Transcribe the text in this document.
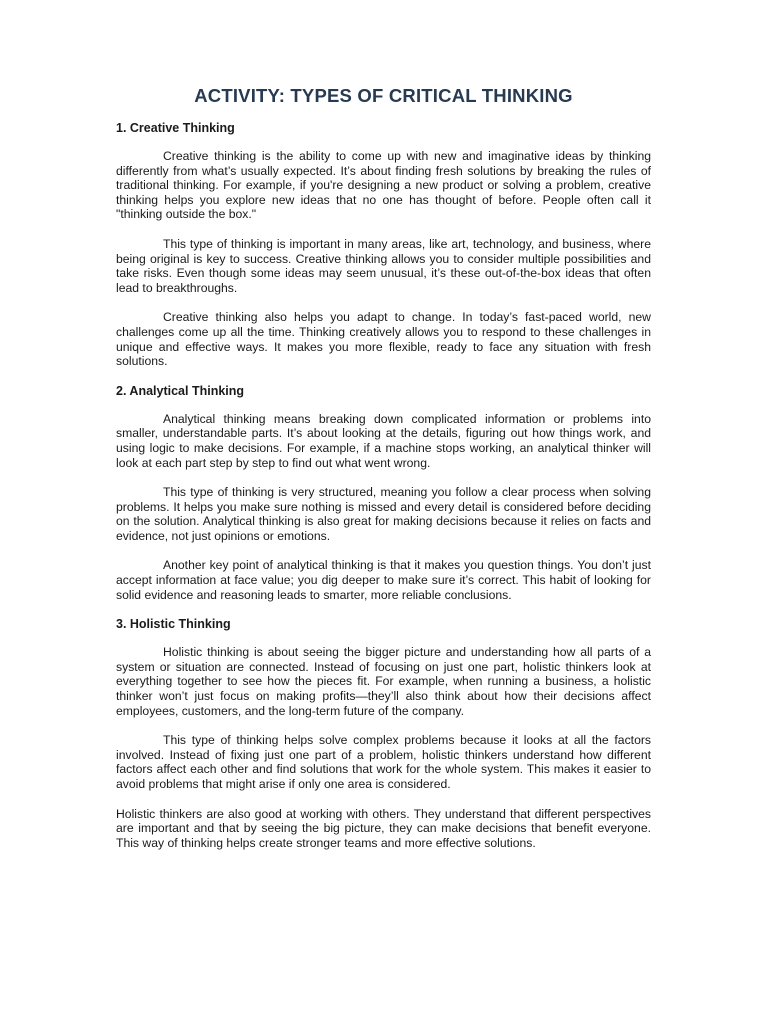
ACTIVITY: TYPES OF CRITICAL THINKING
1. Creative Thinking

Creative thinking is the ability to come up with new and imaginative ideas by thinking differently from what’s usually expected. It’s about finding fresh solutions by breaking the rules of traditional thinking. For example, if you're designing a new product or solving a problem, creative thinking helps you explore new ideas that no one has thought of before. People often call it "thinking outside the box."

This type of thinking is important in many areas, like art, technology, and business, where being original is key to success. Creative thinking allows you to consider multiple possibilities and take risks. Even though some ideas may seem unusual, it’s these out-of-the-box ideas that often lead to breakthroughs.

Creative thinking also helps you adapt to change. In today’s fast-paced world, new challenges come up all the time. Thinking creatively allows you to respond to these challenges in unique and effective ways. It makes you more flexible, ready to face any situation with fresh solutions.

2. Analytical Thinking

Analytical thinking means breaking down complicated information or problems into smaller, understandable parts. It’s about looking at the details, figuring out how things work, and using logic to make decisions. For example, if a machine stops working, an analytical thinker will look at each part step by step to find out what went wrong.

This type of thinking is very structured, meaning you follow a clear process when solving problems. It helps you make sure nothing is missed and every detail is considered before deciding on the solution. Analytical thinking is also great for making decisions because it relies on facts and evidence, not just opinions or emotions.

Another key point of analytical thinking is that it makes you question things. You don’t just accept information at face value; you dig deeper to make sure it’s correct. This habit of looking for solid evidence and reasoning leads to smarter, more reliable conclusions.

3. Holistic Thinking

Holistic thinking is about seeing the bigger picture and understanding how all parts of a system or situation are connected. Instead of focusing on just one part, holistic thinkers look at everything together to see how the pieces fit. For example, when running a business, a holistic thinker won’t just focus on making profits—they’ll also think about how their decisions affect employees, customers, and the long-term future of the company.

This type of thinking helps solve complex problems because it looks at all the factors involved. Instead of fixing just one part of a problem, holistic thinkers understand how different factors affect each other and find solutions that work for the whole system. This makes it easier to avoid problems that might arise if only one area is considered.

Holistic thinkers are also good at working with others. They understand that different perspectives are important and that by seeing the big picture, they can make decisions that benefit everyone. This way of thinking helps create stronger teams and more effective solutions.
